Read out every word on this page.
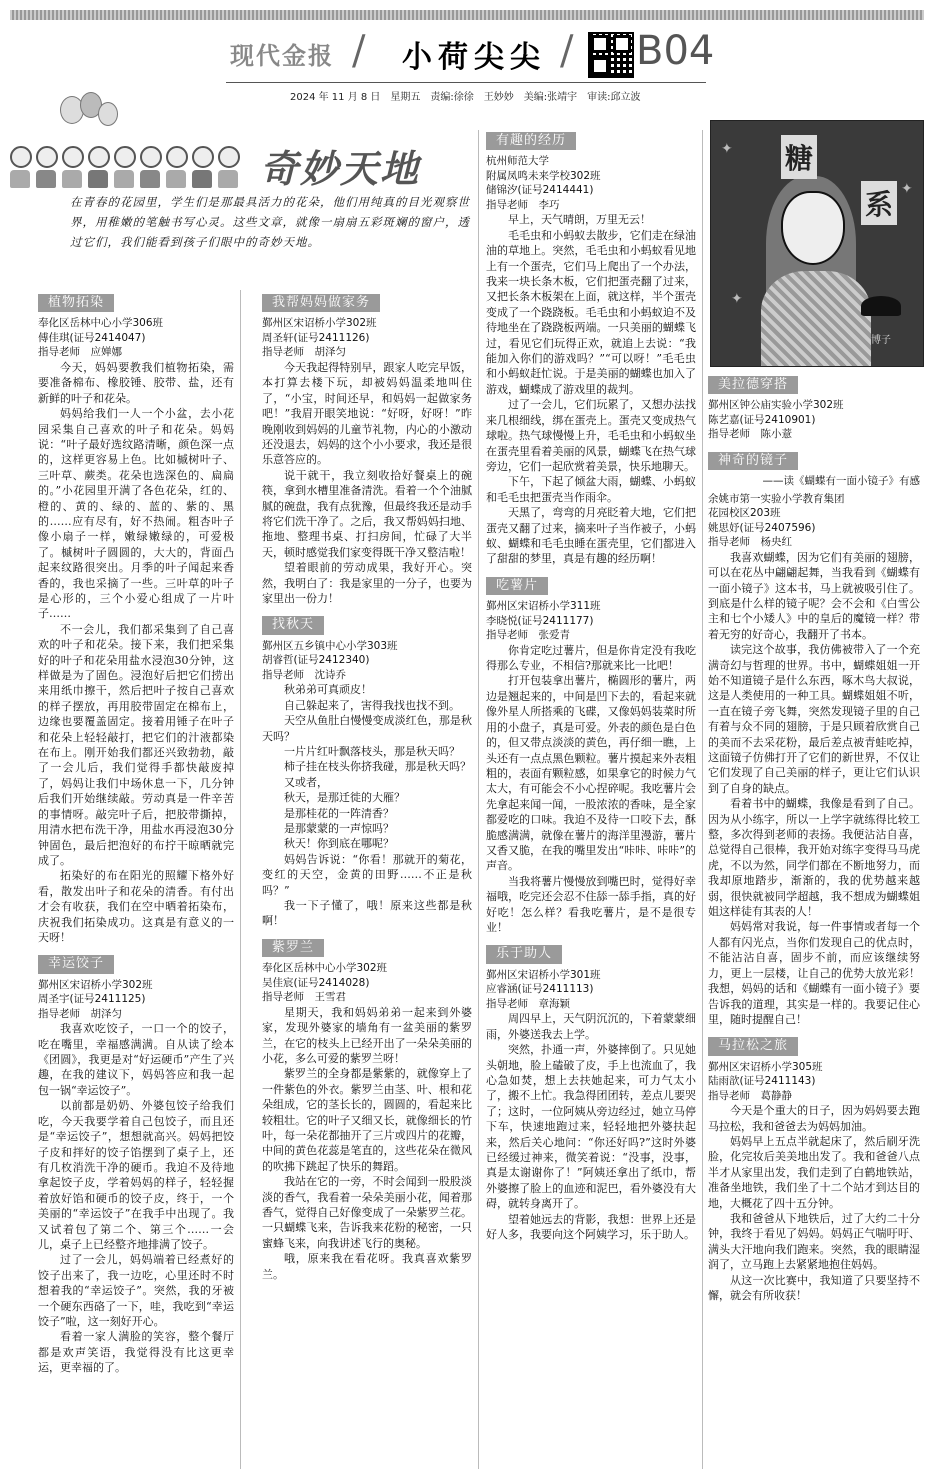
现代金报 / 小荷尖尖 / B04
2024 年 11 月 8 日　星期五　责编:徐徐　王妙妙　美编:张靖宇　审读:邱立波
奇妙天地
在青春的花园里，学生们是那最具活力的花朵，他们用纯真的目光观察世界，用稚嫩的笔触书写心灵。这些文章，就像一扇扇五彩斑斓的窗户，透过它们，我们能看到孩子们眼中的奇妙天地。
植物拓染
奉化区岳林中心小学306班
傅佳琪(证号2414047)
指导老师　应婵娜

今天，妈妈要教我们植物拓染，需要准备棉布、橡胶锤、胶带、盐，还有新鲜的叶子和花朵。

妈妈给我们一人一个小盆，去小花园采集自己喜欢的叶子和花朵。妈妈说：“叶子最好选纹路清晰，颜色深一点的，这样更容易上色。比如槭树叶子、三叶草、蕨类。花朵也选深色的、扁扁的。”小花园里开满了各色花朵，红的、橙的、黄的、绿的、蓝的、紫的、黑的……应有尽有，好不热闹。粗杏叶子像小扇子一样，嫩绿嫩绿的，可爱极了。槭树叶子圆圆的，大大的，背面凸起来纹路很突出。月季的叶子闻起来香香的，我也采摘了一些。三叶草的叶子是心形的，三个小爱心组成了一片叶子……

不一会儿，我们都采集到了自己喜欢的叶子和花朵。接下来，我们把采集好的叶子和花朵用盐水浸泡30分钟，这样做是为了固色。浸泡好后把它们捞出来用纸巾擦干，然后把叶子按自己喜欢的样子摆放，再用胶带固定在棉布上，边缘也要覆盖固定。接着用锤子在叶子和花朵上轻轻敲打，把它们的汁液都染在布上。刚开始我们都还兴致勃勃，敲了一会儿后，我们觉得手都快敲废掉了，妈妈让我们中场休息一下，几分钟后我们开始继续敲。劳动真是一件辛苦的事情呀。敲完叶子后，把胶带撕掉，用清水把布洗干净，用盐水再浸泡30分钟固色，最后把泡好的布拧干晾晒就完成了。

拓染好的布在阳光的照耀下格外好看，散发出叶子和花朵的清香。有付出才会有收获，我们在空中晒着拓染布，庆祝我们拓染成功。这真是有意义的一天呀！

幸运饺子
鄞州区宋诏桥小学302班
周圣宇(证号2411125)
指导老师　胡泽匀

我喜欢吃饺子，一口一个的饺子，吃在嘴里，幸福感满满。自从读了绘本《团圆》，我更是对“好运硬币”产生了兴趣，在我的建议下，妈妈答应和我一起包一锅“幸运饺子”。

以前都是奶奶、外婆包饺子给我们吃，今天我要学着自己包饺子，而且还是“幸运饺子”，想想就高兴。妈妈把饺子皮和拌好的饺子馅摆到了桌子上，还有几枚消洗干净的硬币。我迫不及待地拿起饺子皮，学着妈妈的样子，轻轻握着放好馅和硬币的饺子皮，终于，一个美丽的“幸运饺子”在我手中出现了。我又试着包了第二个、第三个……一会儿，桌子上已经整齐地排满了饺子。

过了一会儿，妈妈端着已经煮好的饺子出来了，我一边吃，心里还时不时想着我的“幸运饺子”。突然，我的牙被一个硬东西硌了一下，哇，我吃到“幸运饺子”啦，这一刻好开心。

看着一家人满脸的笑容，整个餐厅都是欢声笑语，我觉得没有比这更幸运，更幸福的了。

我帮妈妈做家务
鄞州区宋诏桥小学302班
周圣轩(证号2411126)
指导老师　胡泽匀

今天我起得特别早，跟家人吃完早饭，本打算去楼下玩，却被妈妈温柔地叫住了，“小宝，时间还早，和妈妈一起做家务吧！”我眉开眼笑地说：“好呀，好呀！”昨晚刚收到妈妈的儿童节礼物，内心的小激动还没退去，妈妈的这个小小要求，我还是很乐意答应的。

说干就干，我立刻收拾好餐桌上的碗筷，拿到水槽里准备清洗。看着一个个油腻腻的碗盘，我有点犹豫，但最终我还是动手将它们洗干净了。之后，我又帮妈妈扫地、拖地、整理书桌、打扫房间，忙碌了大半天，顿时感觉我们家变得既干净又整洁啦！

望着眼前的劳动成果，我好开心。突然，我明白了：我是家里的一分子，也要为家里出一份力！

找秋天
鄞州区五乡镇中心小学303班
胡睿哲(证号2412340)
指导老师　沈诗乔

秋弟弟可真顽皮！

自己躲起来了，害得我找也找不到。

天空从鱼肚白慢慢变成淡红色，那是秋天吗？

一片片红叶飘落枝头，那是秋天吗？

柿子挂在枝头你挤我碰，那是秋天吗？

又或者，

秋天，是那迁徙的大雁？

是那桂花的一阵清香？

是那蒙蒙的一声惊吗？

秋天！你到底在哪呢？

妈妈告诉说：“你看！那就开的菊花，变红的天空，金黄的田野……不正是秋吗？”

我一下子懂了，哦！原来这些都是秋啊！

紫罗兰
奉化区岳林中心小学302班
吴佳宸(证号2414028)
指导老师　王雪君

星期天，我和妈妈弟弟一起来到外婆家，发现外婆家的墙角有一盆美丽的紫罗兰，在它的枝头上已经开出了一朵朵美丽的小花，多么可爱的紫罗兰呀！

紫罗兰的全身都是紫紫的，就像穿上了一件紫色的外衣。紫罗兰由茎、叶、根和花朵组成，它的茎长长的，圆圆的，看起来比较粗壮。它的叶子又细又长，就像细长的竹叶，每一朵花都抽开了三片或四片的花瓣，中间的黄色花蕊是笔直的，这些花朵在微风的吹拂下跳起了快乐的舞蹈。

我站在它的一旁，不时会闻到一股股淡淡的香气，我看着一朵朵美丽小花，闻着那香气，觉得自己好像变成了一朵紫罗兰花。一只蝴蝶飞来，告诉我来花粉的秘密，一只蜜蜂飞来，向我讲述飞行的奥秘。

哦，原来我在看花呀。我真喜欢紫罗兰。

有趣的经历
杭州师范大学
附属凤鸣未来学校302班
储锦汐(证号2414441)
指导老师　李巧

早上，天气晴朗，万里无云！

毛毛虫和小蚂蚁去散步，它们走在绿油油的草地上。突然，毛毛虫和小蚂蚁看见地上有一个蛋壳，它们马上爬出了一个办法，我来一块长条木板，它们把蛋壳翻了过来，又把长条木板架在上面，就这样，半个蛋壳变成了一个跷跷板。毛毛虫和小蚂蚁迫不及待地坐在了跷跷板两端。一只美丽的蝴蝶飞过，看见它们玩得正欢，就追上去说：“我能加入你们的游戏吗？”“可以呀！”毛毛虫和小蚂蚁赶忙说。于是美丽的蝴蝶也加入了游戏，蝴蝶成了游戏里的裁判。

过了一会儿，它们玩累了，又想办法找来几根细线，绑在蛋壳上。蛋壳又变成热气球啦。热气球慢慢上升，毛毛虫和小蚂蚁坐在蛋壳里看着美丽的风景，蝴蝶飞在热气球旁边，它们一起欣赏着美景，快乐地聊天。

下午，下起了倾盆大雨，蝴蝶、小蚂蚁和毛毛虫把蛋壳当作雨伞。

天黑了，弯弯的月亮眨着大地，它们把蛋壳又翻了过来，摘来叶子当作被子，小蚂蚁、蝴蝶和毛毛虫睡在蛋壳里，它们都进入了甜甜的梦里，真是有趣的经历啊！

吃薯片
鄞州区宋诏桥小学311班
李晓悦(证号2411177)
指导老师　张爱青

你肯定吃过薯片，但是你肯定没有我吃得那么专业，不相信?那就来比一比吧！

打开包装拿出薯片，椭圆形的薯片，两边是翘起来的，中间是凹下去的，看起来就像外星人所搭乘的飞碟，又像妈妈装菜时所用的小盘子，真是可爱。外表的颜色是白色的，但又带点淡淡的黄色，再仔细一瞧，上头还有一点点黑色颗粒。薯片摸起来外表粗粗的，表面有颗粒感，如果拿它的时候力气太大，有可能会不小心捏碎呢。我吃薯片会先拿起来闻一闻，一股浓浓的香味，是全家都爱吃的口味。我迫不及待一口咬下去，酥脆感满满，就像在薯片的海洋里漫游，薯片又香又脆，在我的嘴里发出“咔咔、咔咔”的声音。

当我将薯片慢慢放到嘴巴时，觉得好幸福哦，吃完还会忍不住舔一舔手指，真的好好吃！怎么样？看我吃薯片，是不是很专业！

乐于助人
鄞州区宋诏桥小学301班
应睿涵(证号2411113)
指导老师　章海颖

周四早上，天气阴沉沉的，下着蒙蒙细雨，外婆送我去上学。

突然，扑通一声，外婆摔倒了。只见她头朝地，脸上磕破了皮，手上也流血了，我心急如焚，想上去扶她起来，可力气太小了，搬不上忙。我急得团团转，差点儿要哭了；这时，一位阿姨从旁边经过，她立马停下车，快速地跑过来，轻轻地把外婆扶起来，然后关心地问：“你还好吗?”这时外婆已经缓过神来，微笑着说：“没事，没事，真是太谢谢你了！”阿姨还拿出了纸巾，帮外婆擦了脸上的血迹和泥巴，看外婆没有大碍，就转身离开了。

望着她远去的背影，我想：世界上还是好人多，我要向这个阿姨学习，乐于助人。

✦
✦
✦
糖
系
博子
美拉德穿搭
鄞州区钟公庙实验小学302班
陈艺嘉(证号2410901)
指导老师　陈小薏
神奇的镜子
——读《蝴蝶有一面小镜子》有感
余姚市第一实验小学教育集团
花园校区203班
姚思妤(证号2407596)
指导老师　杨央红

我喜欢蝴蝶，因为它们有美丽的翅膀，可以在花丛中翩翩起舞，当我看到《蝴蝶有一面小镜子》这本书，马上就被吸引住了。到底是什么样的镜子呢？会不会和《白雪公主和七个小矮人》中的皇后的魔镜一样？带着无穷的好奇心，我翻开了书本。

读完这个故事，我仿佛被带入了一个充满奇幻与哲理的世界。书中，蝴蝶姐姐一开始不知道镜子是什么东西，啄木鸟大叔说，这是人类使用的一种工具。蝴蝶姐姐不听，一直在镜子旁飞舞，突然发现镜子里的自己有着与众不同的翅膀，于是只顾着欣赏自己的美而不去采花粉，最后差点被青蛙吃掉，这面镜子仿佛打开了它们的新世界，不仅让它们发现了自己美丽的样子，更让它们认识到了自身的缺点。

看着书中的蝴蝶，我像是看到了自己。因为从小练字，所以一上学字就练得比较工整，多次得到老师的表扬。我便沾沾自喜，总觉得自己很棒，我开始对练字变得马马虎虎，不以为然，同学们都在不断地努力，而我却原地踏步，渐渐的，我的优势越来越弱，很快就被同学超越，我不想成为蝴蝶姐姐这样徒有其表的人！

妈妈常对我说，每一件事情或者每一个人都有闪光点，当你们发现自己的优点时，不能沾沾自喜，固步不前，而应该继续努力，更上一层楼，让自己的优势大放光彩！我想，妈妈的话和《蝴蝶有一面小镜子》要告诉我的道理，其实是一样的。我要记住心里，随时提醒自己！

马拉松之旅
鄞州区宋诏桥小学305班
陆雨歆(证号2411143)
指导老师　葛静静

今天是个重大的日子，因为妈妈要去跑马拉松，我和爸爸去为妈妈加油。

妈妈早上五点半就起床了，然后刷牙洗脸，化完妆后美美地出发了。我和爸爸八点半才从家里出发，我们走到了白鹤地铁站，准备坐地铁，我们坐了十二个站才到达目的地，大概花了四十五分钟。

我和爸爸从下地铁后，过了大约二十分钟，我终于看见了妈妈。妈妈正气喘吁吁、满头大汗地向我们跑来。突然，我的眼睛湿润了，立马跑上去紧紧地抱住妈妈。

从这一次比赛中，我知道了只要坚持不懈，就会有所收获！
